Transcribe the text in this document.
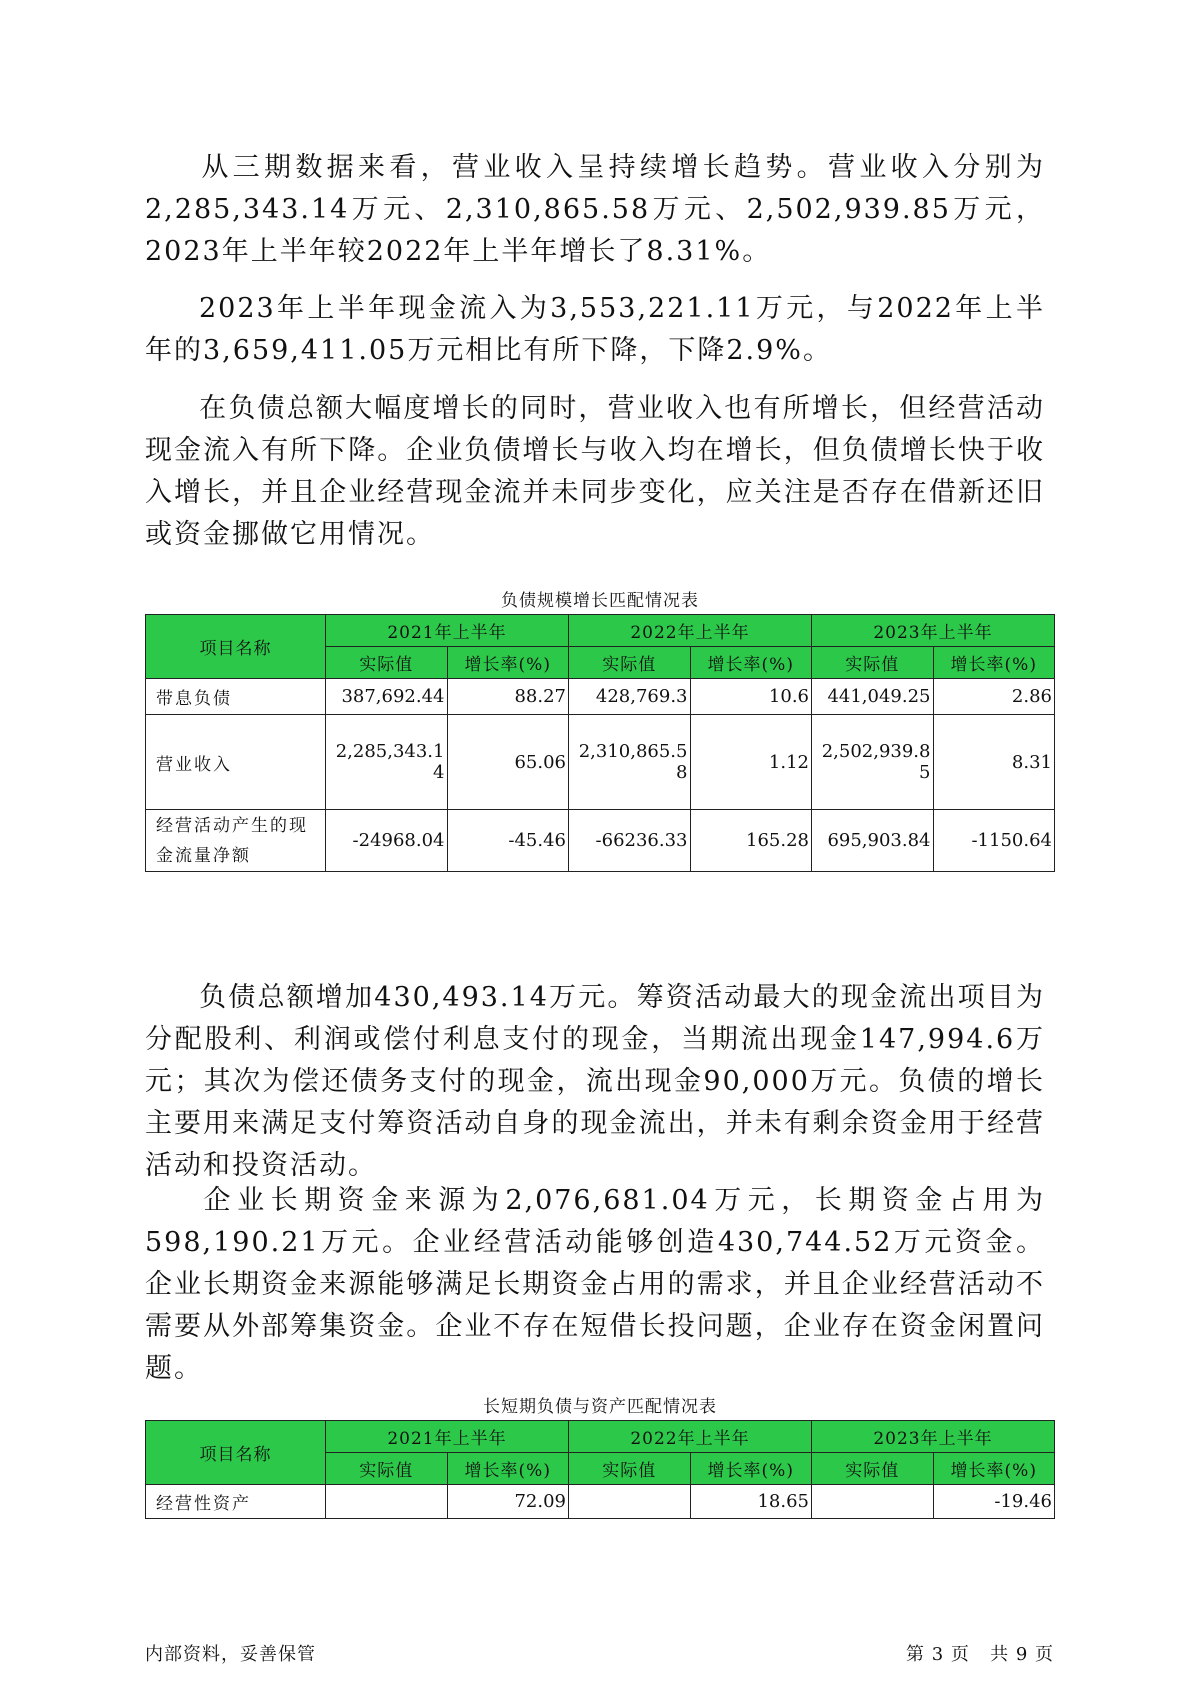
从三期数据来看，营业收入呈持续增长趋势。营业收入分别为2,285,343.14万元、2,310,865.58万元、2,502,939.85万元，2023年上半年较2022年上半年增长了8.31%。

2023年上半年现金流入为3,553,221.11万元，与2022年上半年的3,659,411.05万元相比有所下降，下降2.9%。

在负债总额大幅度增长的同时，营业收入也有所增长，但经营活动现金流入有所下降。企业负债增长与收入均在增长，但负债增长快于收入增长，并且企业经营现金流并未同步变化，应关注是否存在借新还旧或资金挪做它用情况。

负债规模增长匹配情况表
项目名称	2021年上半年		2022年上半年		2023年上半年	
	实际值	增长率(%)	实际值	增长率(%)	实际值	增长率(%)
带息负债	387,692.44	88.27	428,769.3	10.6	441,049.25	2.86
营业收入	2,285,343.14	65.06	2,310,865.58	1.12	2,502,939.85	8.31
经营活动产生的现金流量净额	-24968.04	-45.46	-66236.33	165.28	695,903.84	-1150.64

负债总额增加430,493.14万元。筹资活动最大的现金流出项目为分配股利、利润或偿付利息支付的现金，当期流出现金147,994.6万元；其次为偿还债务支付的现金，流出现金90,000万元。负债的增长主要用来满足支付筹资活动自身的现金流出，并未有剩余资金用于经营活动和投资活动。

企业长期资金来源为2,076,681.04万元，长期资金占用为598,190.21万元。企业经营活动能够创造430,744.52万元资金。企业长期资金来源能够满足长期资金占用的需求，并且企业经营活动不需要从外部筹集资金。企业不存在短借长投问题，企业存在资金闲置问题。

长短期负债与资产匹配情况表
项目名称	2021年上半年		2022年上半年		2023年上半年	
	实际值	增长率(%)	实际值	增长率(%)	实际值	增长率(%)
经营性资产		72.09		18.65		-19.46
内部资料，妥善保管	第 3 页   共 9 页
